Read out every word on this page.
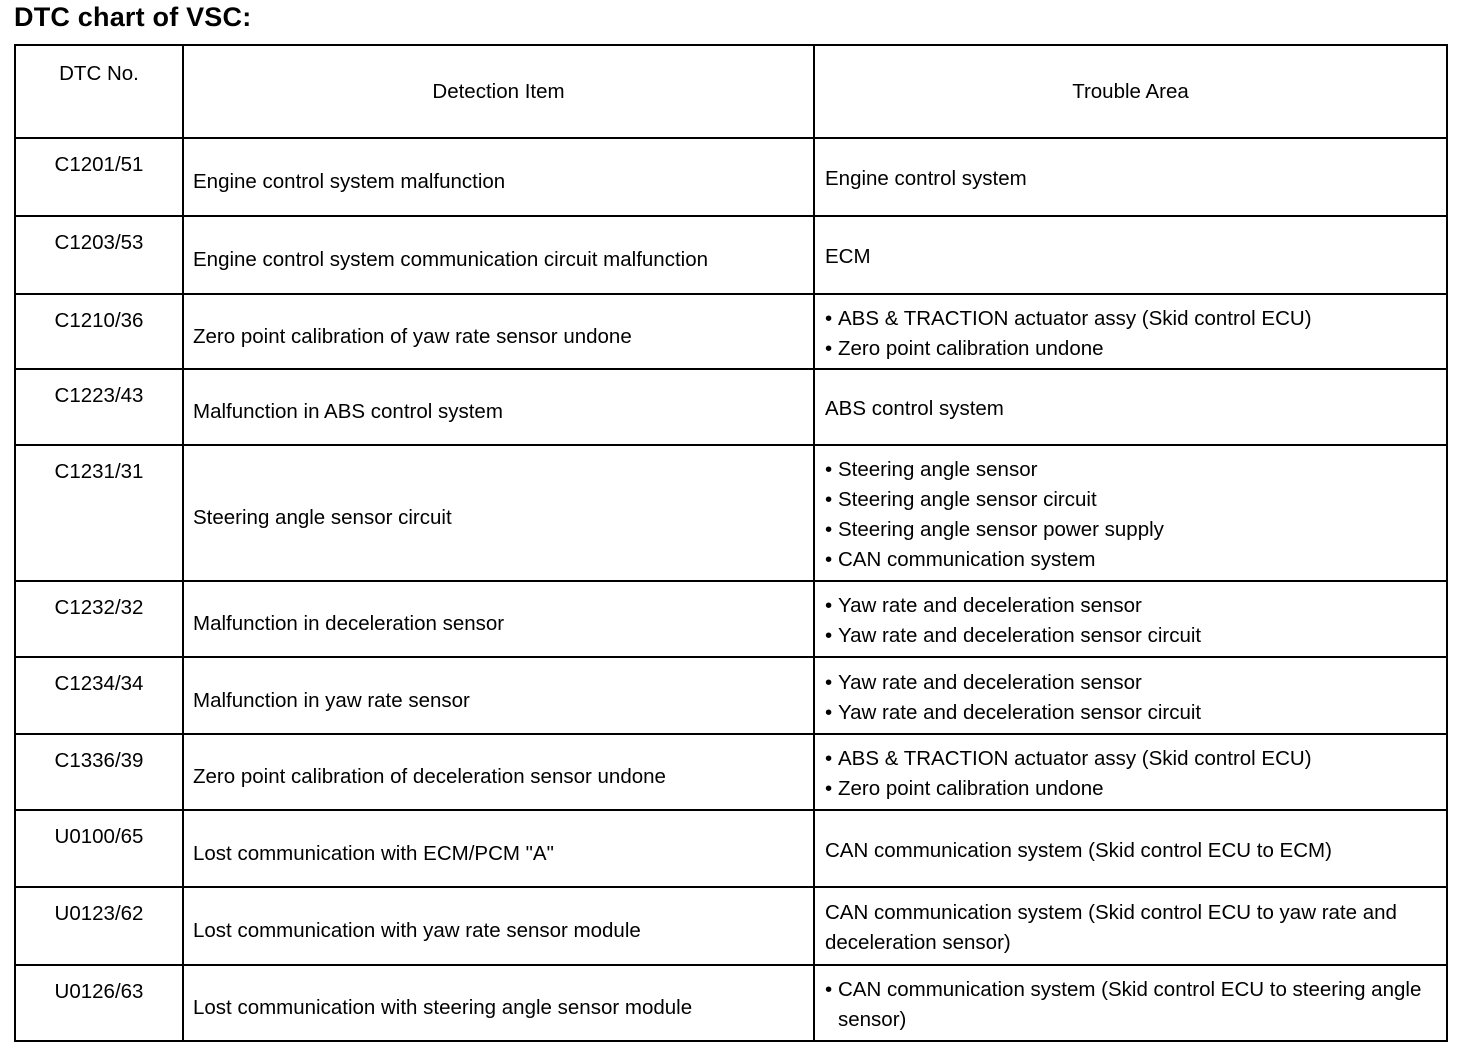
DTC chart of VSC:
DTC No.	Detection Item	Trouble Area
C1201/51	Engine control system malfunction	Engine control system

C1203/53	Engine control system communication circuit malfunction	ECM

C1210/36	Zero point calibration of yaw rate sensor undone	• ABS & TRACTION actuator assy (Skid control ECU)
• Zero point calibration undone

C1223/43	Malfunction in ABS control system	ABS control system

C1231/31	Steering angle sensor circuit	• Steering angle sensor
• Steering angle sensor circuit
• Steering angle sensor power supply
• CAN communication system

C1232/32	Malfunction in deceleration sensor	• Yaw rate and deceleration sensor
• Yaw rate and deceleration sensor circuit

C1234/34	Malfunction in yaw rate sensor	• Yaw rate and deceleration sensor
• Yaw rate and deceleration sensor circuit

C1336/39	Zero point calibration of deceleration sensor undone	• ABS & TRACTION actuator assy (Skid control ECU)
• Zero point calibration undone

U0100/65	Lost communication with ECM/PCM "A"	CAN communication system (Skid control ECU to ECM)

U0123/62	Lost communication with yaw rate sensor module	CAN communication system (Skid control ECU to yaw rate and deceleration sensor)

U0126/63	Lost communication with steering angle sensor module	• CAN communication system (Skid control ECU to steering angle sensor)
